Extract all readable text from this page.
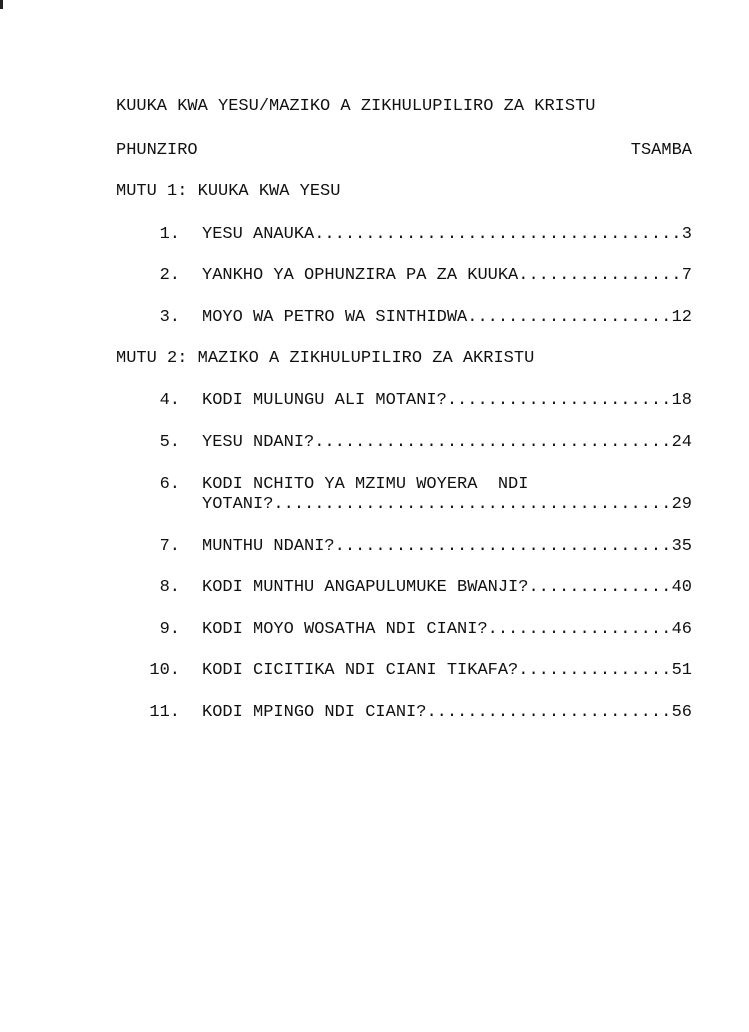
KUUKA KWA YESU/MAZIKO A ZIKHULUPILIRO ZA KRISTU
PHUNZIRO	TSAMBA
MUTU 1: KUUKA KWA YESU
1. YESU ANAUKA .....	3
2. YANKHO YA OPHUNZIRA PA ZA KUUKA .....	7
3. MOYO WA PETRO WA SINTHIDWA .....	12
MUTU 2: MAZIKO A ZIKHULUPILIRO ZA AKRISTU
4. KODI MULUNGU ALI MOTANI? .....	18
5. YESU NDANI? .....	24
6. KODI NCHITO YA MZIMU WOYERA  NDI
YOTANI? .....	29
7. MUNTHU NDANI? .....	35
8. KODI MUNTHU ANGAPULUMUKE BWANJI? .....	40
9. KODI MOYO WOSATHA NDI CIANI? .....	46
10. KODI CICITIKA NDI CIANI TIKAFA? .....	51
11. KODI MPINGO NDI CIANI? .....	56
